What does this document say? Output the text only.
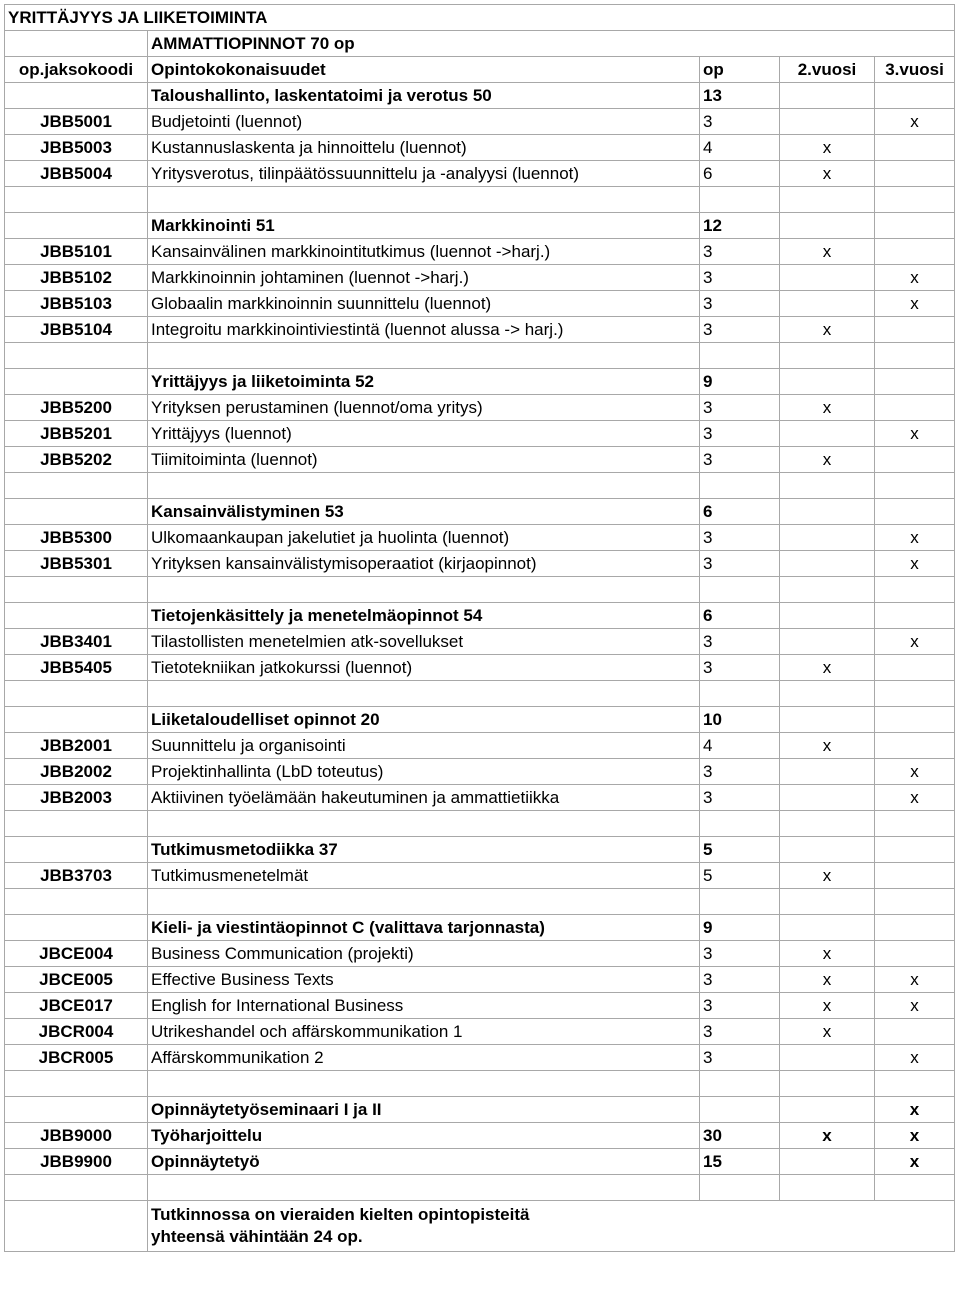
YRITTÄJYYS JA LIIKETOIMINTA				
	AMMATTIOPINNOT 70 op			
op.jaksokoodi	Opintokokonaisuudet	op	2.vuosi	3.vuosi
	Taloushallinto, laskentatoimi ja verotus 50	13		
JBB5001	Budjetointi (luennot)	3		x
JBB5003	Kustannuslaskenta ja hinnoittelu (luennot)	4	x	
JBB5004	Yritysverotus, tilinpäätössuunnittelu ja -analyysi (luennot)	6	x	

	Markkinointi 51	12		
JBB5101	Kansainvälinen markkinointitutkimus (luennot ->harj.)	3	x	
JBB5102	Markkinoinnin johtaminen (luennot ->harj.)	3		x
JBB5103	Globaalin markkinoinnin suunnittelu (luennot)	3		x
JBB5104	Integroitu markkinointiviestintä (luennot alussa -> harj.)	3	x	

	Yrittäjyys ja liiketoiminta 52	9		
JBB5200	Yrityksen perustaminen (luennot/oma yritys)	3	x	
JBB5201	Yrittäjyys (luennot)	3		x
JBB5202	Tiimitoiminta (luennot)	3	x	

	Kansainvälistyminen 53	6		
JBB5300	Ulkomaankaupan jakelutiet ja huolinta (luennot)	3		x
JBB5301	Yrityksen kansainvälistymisoperaatiot (kirjaopinnot)	3		x

	Tietojenkäsittely ja menetelmäopinnot 54	6		
JBB3401	Tilastollisten menetelmien atk-sovellukset	3		x
JBB5405	Tietotekniikan jatkokurssi (luennot)	3	x	

	Liiketaloudelliset opinnot 20	10		
JBB2001	Suunnittelu ja organisointi	4	x	
JBB2002	Projektinhallinta (LbD toteutus)	3		x
JBB2003	Aktiivinen työelämään hakeutuminen ja ammattietiikka	3		x

	Tutkimusmetodiikka 37	5		
JBB3703	Tutkimusmenetelmät	5	x	

	Kieli- ja viestintäopinnot C (valittava tarjonnasta)	9		
JBCE004	Business Communication (projekti)	3	x	
JBCE005	Effective Business Texts	3	x	x
JBCE017	English for International Business	3	x	x
JBCR004	Utrikeshandel och affärskommunikation 1	3	x	
JBCR005	Affärskommunikation 2	3		x

	Opinnäytetyöseminaari I ja II			x
JBB9000	Työharjoittelu	30	x	x
JBB9900	Opinnäytetyö	15		x

	Tutkinnossa on vieraiden kielten opintopisteitä
yhteensä vähintään 24 op.			
